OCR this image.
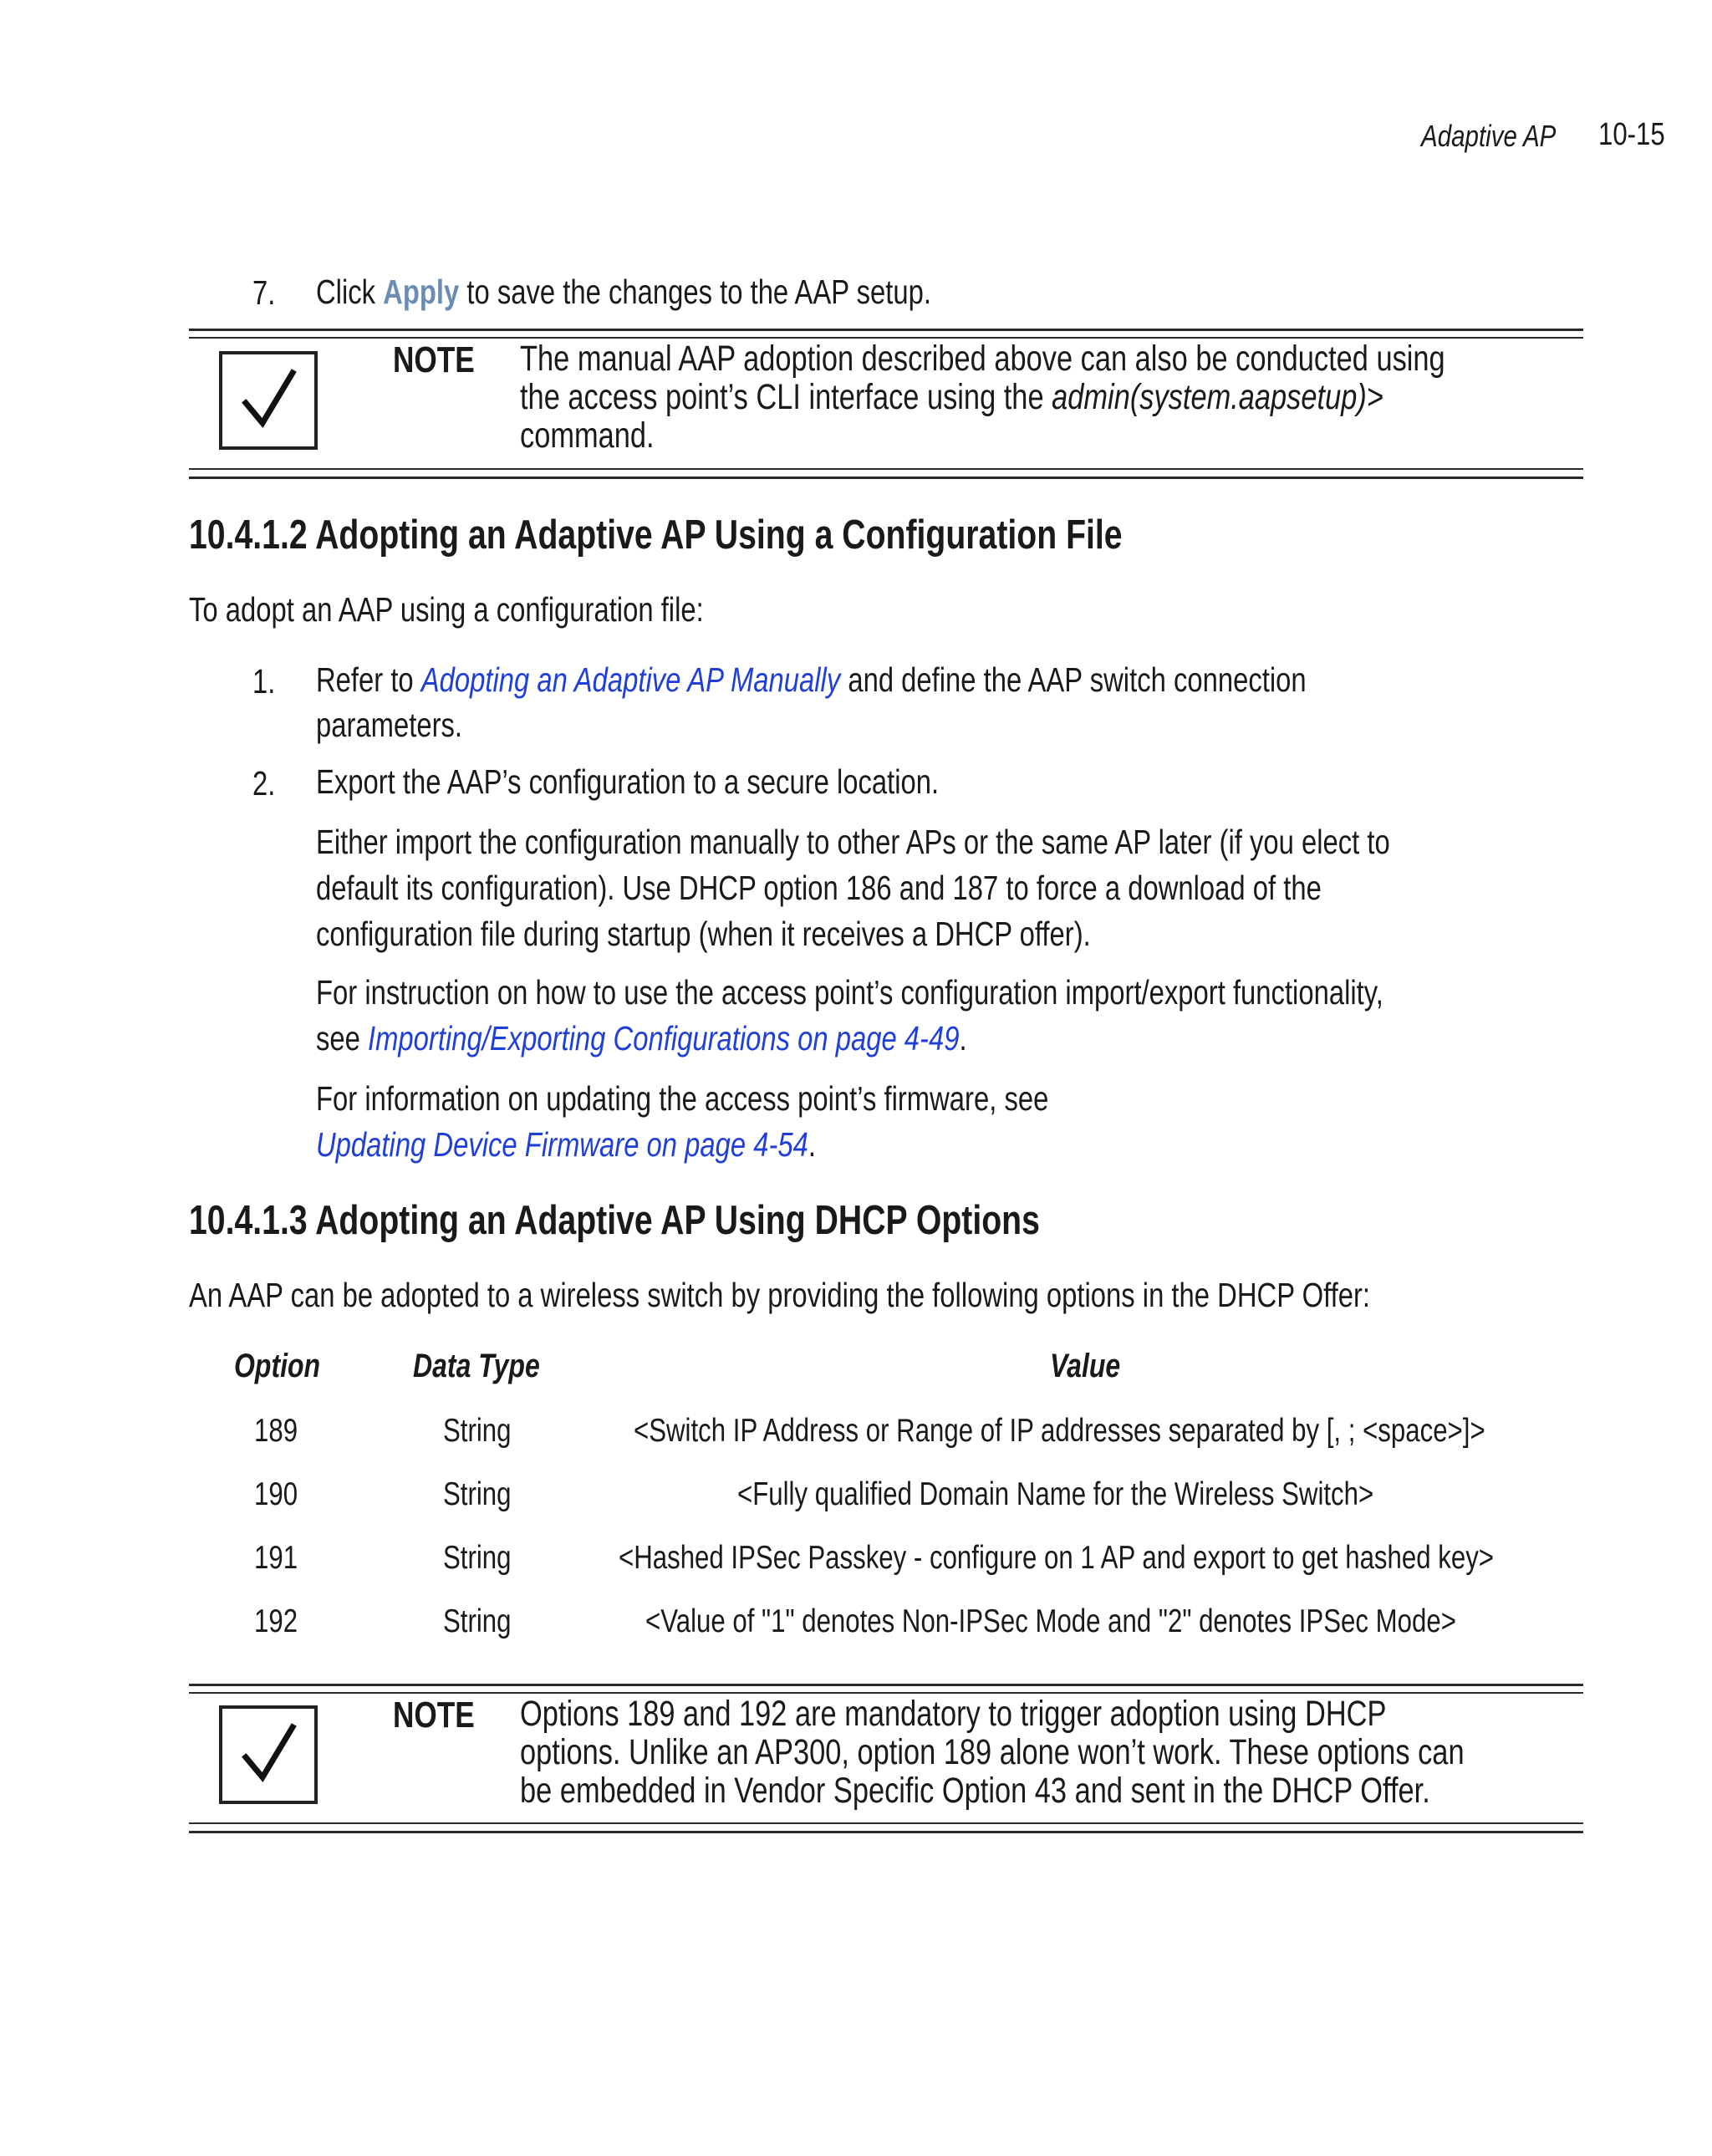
Adaptive AP 10-15
7. Click Apply to save the changes to the AAP setup.
NOTE The manual AAP adoption described above can also be conducted using
the access point’s CLI interface using the admin(system.aapsetup)>
command.
10.4.1.2 Adopting an Adaptive AP Using a Configuration File
To adopt an AAP using a configuration file:
1. Refer to Adopting an Adaptive AP Manually and define the AAP switch connection
parameters.
2. Export the AAP’s configuration to a secure location.
Either import the configuration manually to other APs or the same AP later (if you elect to
default its configuration). Use DHCP option 186 and 187 to force a download of the
configuration file during startup (when it receives a DHCP offer).
For instruction on how to use the access point’s configuration import/export functionality,
see Importing/Exporting Configurations on page 4-49.
For information on updating the access point’s firmware, see
Updating Device Firmware on page 4-54.
10.4.1.3 Adopting an Adaptive AP Using DHCP Options
An AAP can be adopted to a wireless switch by providing the following options in the DHCP Offer:
Option	Data Type	Value
189	String	<Switch IP Address or Range of IP addresses separated by [, ; <space>]>
190	String	<Fully qualified Domain Name for the Wireless Switch>
191	String	<Hashed IPSec Passkey - configure on 1 AP and export to get hashed key>
192	String	<Value of "1" denotes Non-IPSec Mode and "2" denotes IPSec Mode>
NOTE Options 189 and 192 are mandatory to trigger adoption using DHCP
options. Unlike an AP300, option 189 alone won’t work. These options can
be embedded in Vendor Specific Option 43 and sent in the DHCP Offer.
